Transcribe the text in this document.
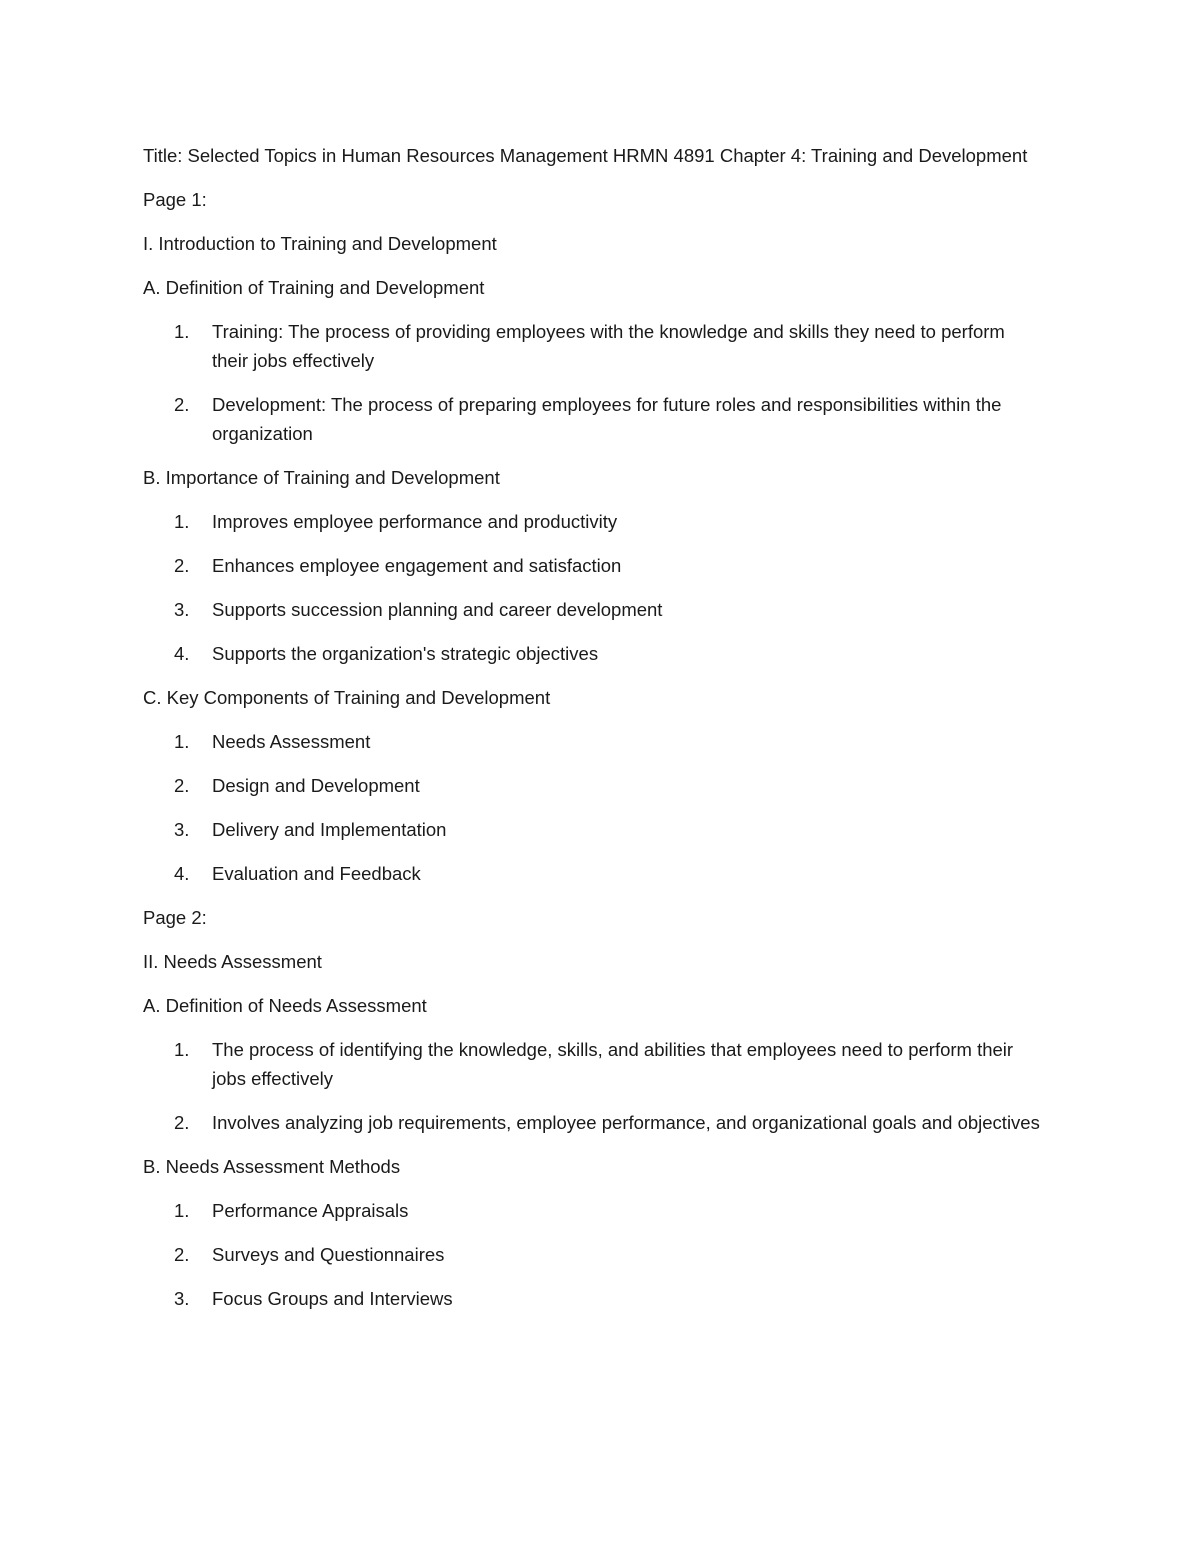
Title: Selected Topics in Human Resources Management HRMN 4891 Chapter 4: Training and Development
Page 1:
I. Introduction to Training and Development
A. Definition of Training and Development
1. Training: The process of providing employees with the knowledge and skills they need to perform their jobs effectively
2. Development: The process of preparing employees for future roles and responsibilities within the organization
B. Importance of Training and Development
1. Improves employee performance and productivity
2. Enhances employee engagement and satisfaction
3. Supports succession planning and career development
4. Supports the organization's strategic objectives
C. Key Components of Training and Development
1. Needs Assessment
2. Design and Development
3. Delivery and Implementation
4. Evaluation and Feedback
Page 2:
II. Needs Assessment
A. Definition of Needs Assessment
1. The process of identifying the knowledge, skills, and abilities that employees need to perform their jobs effectively
2. Involves analyzing job requirements, employee performance, and organizational goals and objectives
B. Needs Assessment Methods
1. Performance Appraisals
2. Surveys and Questionnaires
3. Focus Groups and Interviews
